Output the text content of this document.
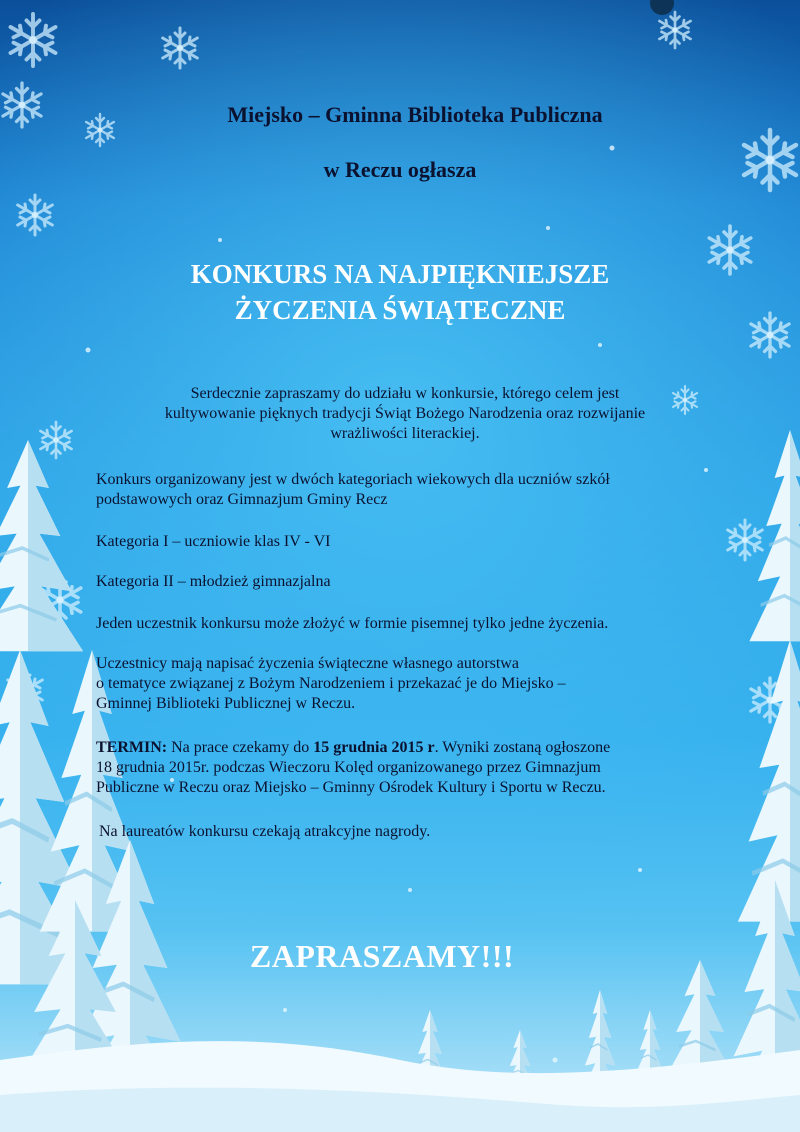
Miejsko – Gminna Biblioteka Publiczna
w Reczu ogłasza
KONKURS NA NAJPIĘKNIEJSZE
ŻYCZENIA ŚWIĄTECZNE
Serdecznie zapraszamy do udziału w konkursie, którego celem jest
kultywowanie pięknych tradycji Świąt Bożego Narodzenia oraz rozwijanie
wrażliwości literackiej.
Konkurs organizowany jest w dwóch kategoriach wiekowych dla uczniów szkół
podstawowych oraz Gimnazjum Gminy Recz
Kategoria I – uczniowie klas IV - VI
Kategoria II – młodzież gimnazjalna
Jeden uczestnik konkursu może złożyć w formie pisemnej tylko jedne życzenia.
Uczestnicy mają napisać życzenia świąteczne własnego autorstwa
o tematyce związanej z Bożym Narodzeniem i przekazać je do Miejsko –
Gminnej Biblioteki Publicznej w Reczu.
TERMIN: Na prace czekamy do 15 grudnia 2015 r. Wyniki zostaną ogłoszone
18 grudnia 2015r. podczas Wieczoru Kolęd organizowanego przez Gimnazjum
Publiczne w Reczu oraz Miejsko – Gminny Ośrodek Kultury i Sportu w Reczu.
Na laureatów konkursu czekają atrakcyjne nagrody.
ZAPRASZAMY!!!
